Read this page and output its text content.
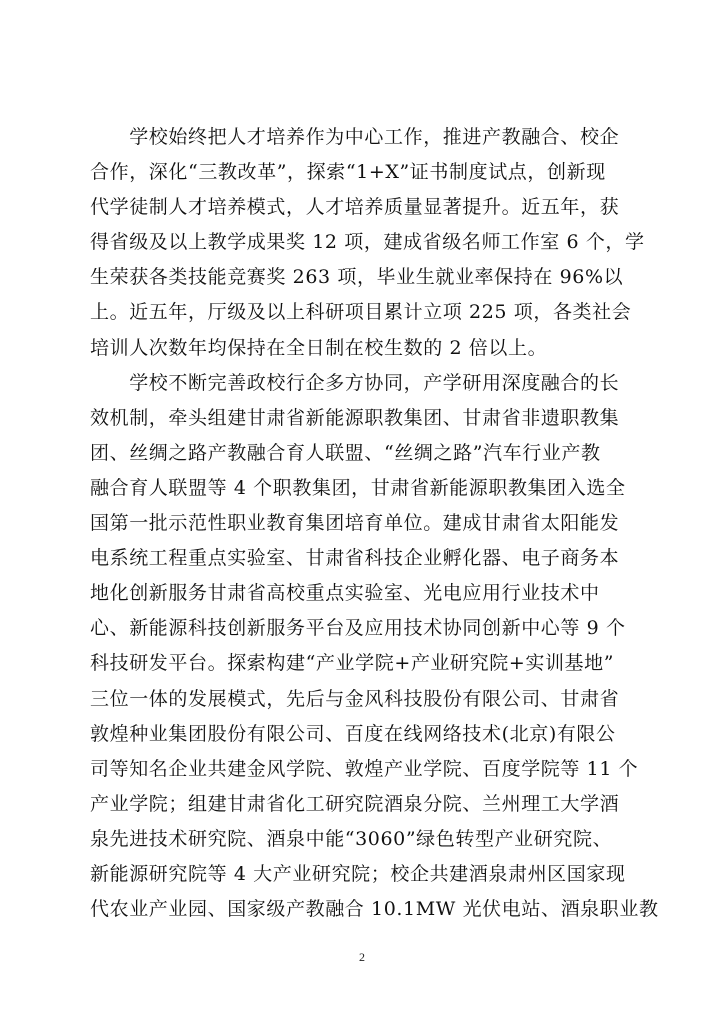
　　学校始终把人才培养作为中心工作，推进产教融合、校企
合作，深化“三教改革”，探索“1+X”证书制度试点，创新现
代学徒制人才培养模式，人才培养质量显著提升。近五年，获
得省级及以上教学成果奖 12 项，建成省级名师工作室 6 个，学
生荣获各类技能竞赛奖 263 项，毕业生就业率保持在 96%以
上。近五年，厅级及以上科研项目累计立项 225 项，各类社会
培训人次数年均保持在全日制在校生数的 2 倍以上。
　　学校不断完善政校行企多方协同，产学研用深度融合的长
效机制，牵头组建甘肃省新能源职教集团、甘肃省非遗职教集
团、丝绸之路产教融合育人联盟、“丝绸之路”汽车行业产教
融合育人联盟等 4 个职教集团，甘肃省新能源职教集团入选全
国第一批示范性职业教育集团培育单位。建成甘肃省太阳能发
电系统工程重点实验室、甘肃省科技企业孵化器、电子商务本
地化创新服务甘肃省高校重点实验室、光电应用行业技术中
心、新能源科技创新服务平台及应用技术协同创新中心等 9 个
科技研发平台。探索构建“产业学院+产业研究院+实训基地”
三位一体的发展模式，先后与金风科技股份有限公司、甘肃省
敦煌种业集团股份有限公司、百度在线网络技术(北京)有限公
司等知名企业共建金风学院、敦煌产业学院、百度学院等 11 个
产业学院；组建甘肃省化工研究院酒泉分院、兰州理工大学酒
泉先进技术研究院、酒泉中能“3060”绿色转型产业研究院、
新能源研究院等 4 大产业研究院；校企共建酒泉肃州区国家现
代农业产业园、国家级产教融合 10.1MW 光伏电站、酒泉职业教
2
